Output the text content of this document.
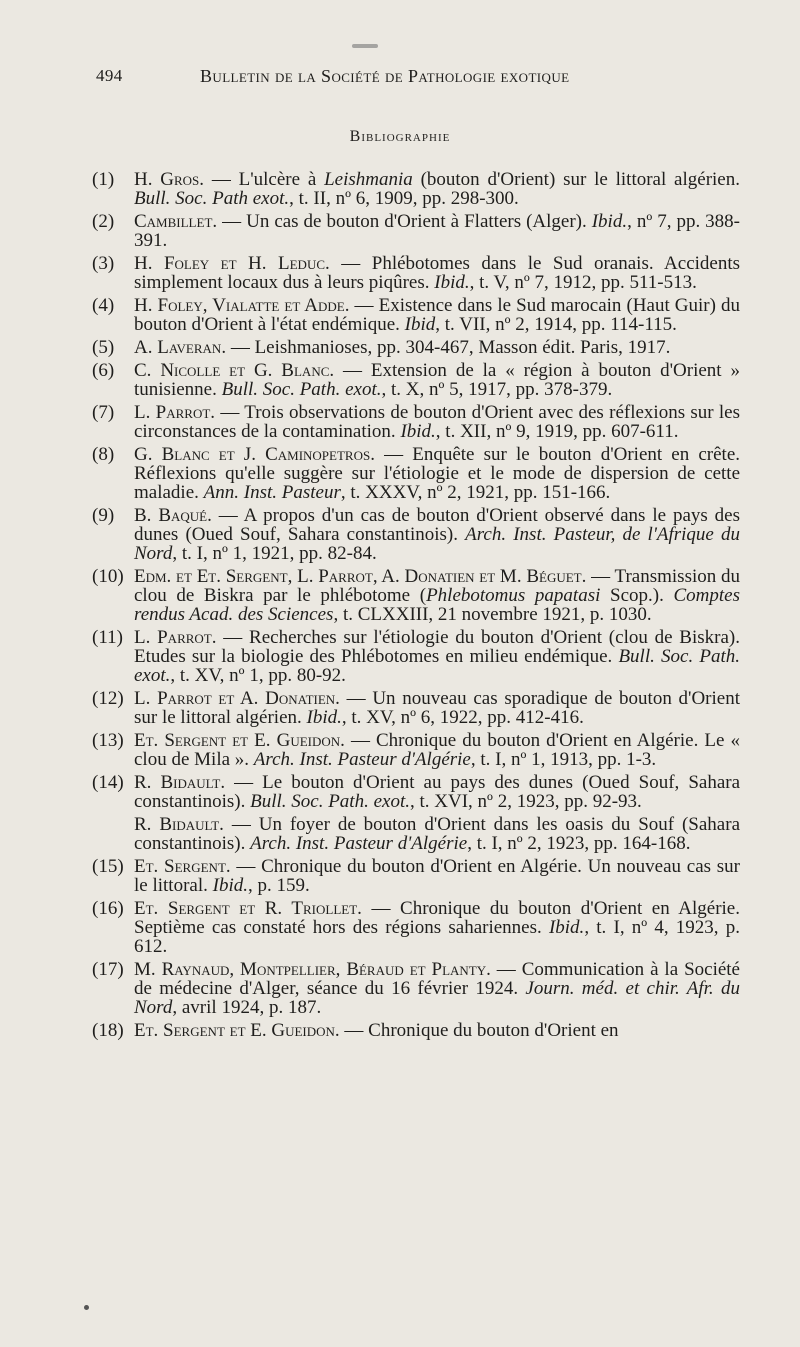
494	Bulletin de la Société de Pathologie exotique
Bibliographie
(1) H. Gros. — L'ulcère à Leishmania (bouton d'Orient) sur le littoral algérien. Bull. Soc. Path exot., t. II, nº 6, 1909, pp. 298-300.
(2) Cambillet. — Un cas de bouton d'Orient à Flatters (Alger). Ibid., nº 7, pp. 388-391.
(3) H. Foley et H. Leduc. — Phlébotomes dans le Sud oranais. Accidents simplement locaux dus à leurs piqûres. Ibid., t. V, nº 7, 1912, pp. 511-513.
(4) H. Foley, Vialatte et Adde. — Existence dans le Sud marocain (Haut Guir) du bouton d'Orient à l'état endémique. Ibid, t. VII, nº 2, 1914, pp. 114-115.
(5) A. Laveran. — Leishmanioses, pp. 304-467, Masson édit. Paris, 1917.
(6) C. Nicolle et G. Blanc. — Extension de la « région à bouton d'Orient » tunisienne. Bull. Soc. Path. exot., t. X, nº 5, 1917, pp. 378-379.
(7) L. Parrot. — Trois observations de bouton d'Orient avec des réflexions sur les circonstances de la contamination. Ibid., t. XII, nº 9, 1919, pp. 607-611.
(8) G. Blanc et J. Caminopetros. — Enquête sur le bouton d'Orient en crête. Réflexions qu'elle suggère sur l'étiologie et le mode de dispersion de cette maladie. Ann. Inst. Pasteur, t. XXXV, nº 2, 1921, pp. 151-166.
(9) B. Baqué. — A propos d'un cas de bouton d'Orient observé dans le pays des dunes (Oued Souf, Sahara constantinois). Arch. Inst. Pasteur, de l'Afrique du Nord, t. I, nº 1, 1921, pp. 82-84.
(10) Edm. et Et. Sergent, L. Parrot, A. Donatien et M. Béguet. — Transmission du clou de Biskra par le phlébotome (Phlebotomus papatasi Scop.). Comptes rendus Acad. des Sciences, t. CLXXIII, 21 novembre 1921, p. 1030.
(11) L. Parrot. — Recherches sur l'étiologie du bouton d'Orient (clou de Biskra). Etudes sur la biologie des Phlébotomes en milieu endémique. Bull. Soc. Path. exot., t. XV, nº 1, pp. 80-92.
(12) L. Parrot et A. Donatien. — Un nouveau cas sporadique de bouton d'Orient sur le littoral algérien. Ibid., t. XV, nº 6, 1922, pp. 412-416.
(13) Et. Sergent et E. Gueidon. — Chronique du bouton d'Orient en Algérie. Le « clou de Mila ». Arch. Inst. Pasteur d'Algérie, t. I, nº 1, 1913, pp. 1-3.
(14) R. Bidault. — Le bouton d'Orient au pays des dunes (Oued Souf, Sahara constantinois). Bull. Soc. Path. exot., t. XVI, nº 2, 1923, pp. 92-93.
R. Bidault. — Un foyer de bouton d'Orient dans les oasis du Souf (Sahara constantinois). Arch. Inst. Pasteur d'Algérie, t. I, nº 2, 1923, pp. 164-168.
(15) Et. Sergent. — Chronique du bouton d'Orient en Algérie. Un nouveau cas sur le littoral. Ibid., p. 159.
(16) Et. Sergent et R. Triollet. — Chronique du bouton d'Orient en Algérie. Septième cas constaté hors des régions sahariennes. Ibid., t. I, nº 4, 1923, p. 612.
(17) M. Raynaud, Montpellier, Béraud et Planty. — Communication à la Société de médecine d'Alger, séance du 16 février 1924. Journ. méd. et chir. Afr. du Nord, avril 1924, p. 187.
(18) Et. Sergent et E. Gueidon. — Chronique du bouton d'Orient en
